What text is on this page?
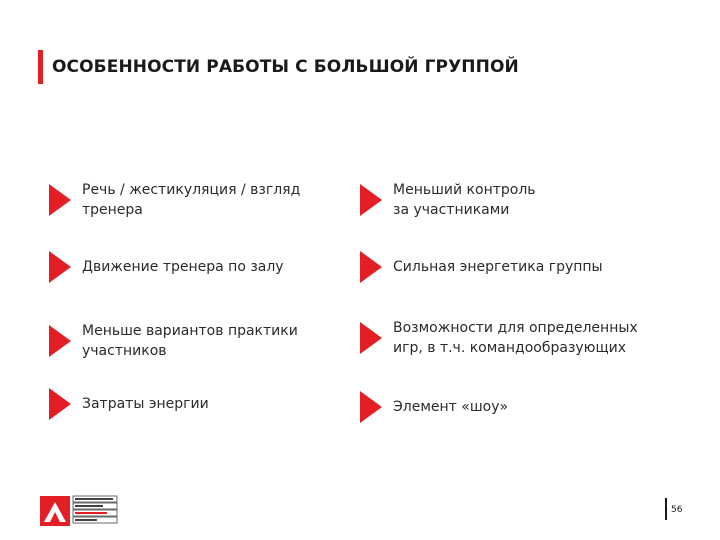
ОСОБЕННОСТИ РАБОТЫ С БОЛЬШОЙ ГРУППОЙ
Речь / жестикуляция / взгляд
тренера
Движение тренера по залу
Меньше вариантов практики
участников
Затраты энергии
Меньший контроль
за участниками
Сильная энергетика группы
Возможности для определенных
игр, в т.ч. командообразующих
Элемент «шоу»
56
